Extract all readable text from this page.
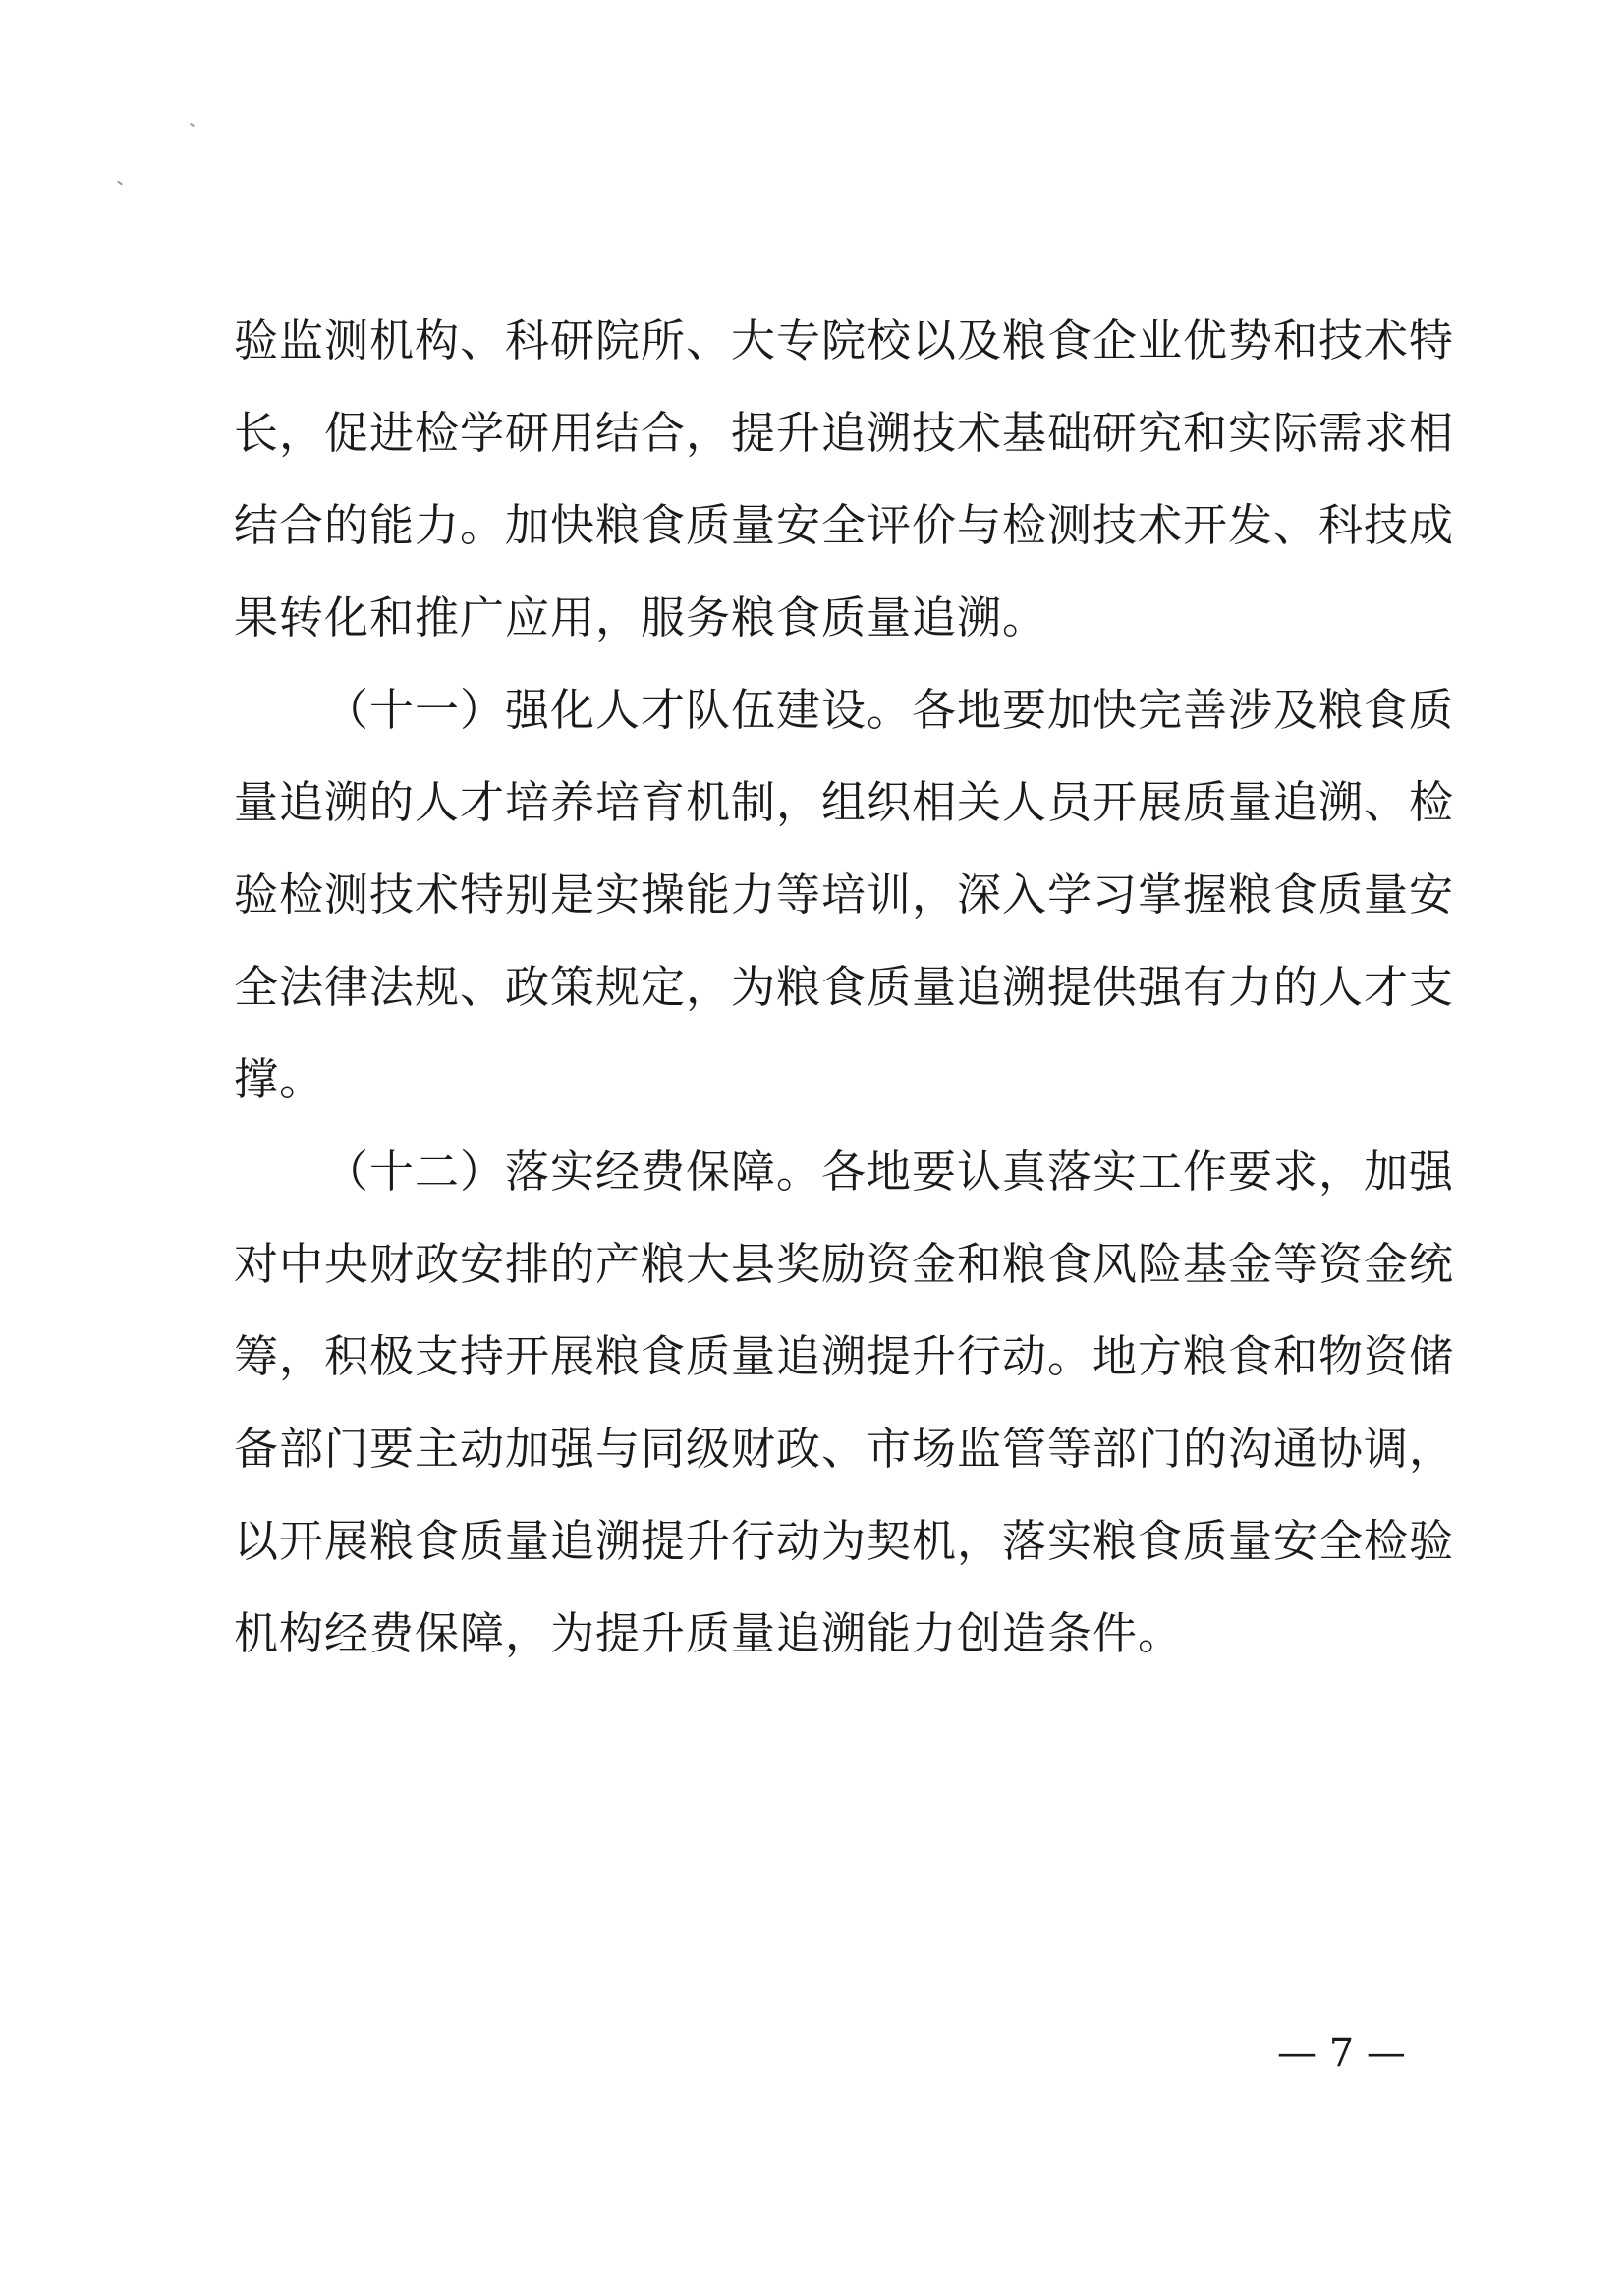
验监测机构、科研院所、大专院校以及粮食企业优势和技术特
长，促进检学研用结合，提升追溯技术基础研究和实际需求相
结合的能力。加快粮食质量安全评价与检测技术开发、科技成
果转化和推广应用，服务粮食质量追溯。

（十一）强化人才队伍建设。各地要加快完善涉及粮食质
量追溯的人才培养培育机制，组织相关人员开展质量追溯、检
验检测技术特别是实操能力等培训，深入学习掌握粮食质量安
全法律法规、政策规定，为粮食质量追溯提供强有力的人才支
撑。

（十二）落实经费保障。各地要认真落实工作要求，加强
对中央财政安排的产粮大县奖励资金和粮食风险基金等资金统
筹，积极支持开展粮食质量追溯提升行动。地方粮食和物资储
备部门要主动加强与同级财政、市场监管等部门的沟通协调，
以开展粮食质量追溯提升行动为契机，落实粮食质量安全检验
机构经费保障，为提升质量追溯能力创造条件。

— 7 —
